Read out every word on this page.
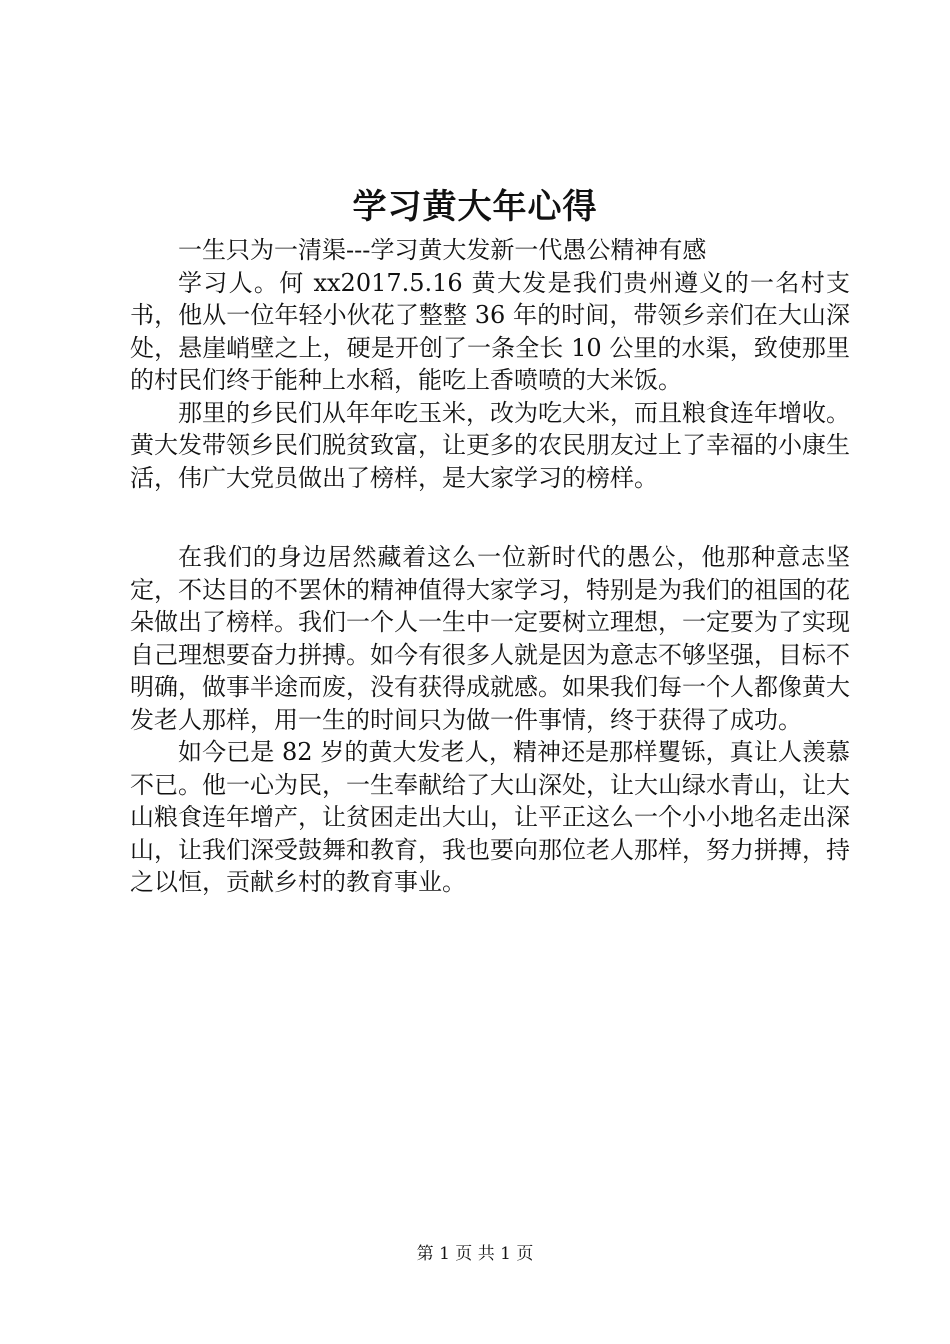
学习黄大年心得

一生只为一清渠---学习黄大发新一代愚公精神有感

学习人。何 xx2017.5.16 黄大发是我们贵州遵义的一名村支书，他从一位年轻小伙花了整整 36 年的时间，带领乡亲们在大山深处，悬崖峭壁之上，硬是开创了一条全长 10 公里的水渠，致使那里的村民们终于能种上水稻，能吃上香喷喷的大米饭。

那里的乡民们从年年吃玉米，改为吃大米，而且粮食连年增收。黄大发带领乡民们脱贫致富，让更多的农民朋友过上了幸福的小康生活，伟广大党员做出了榜样，是大家学习的榜样。

在我们的身边居然藏着这么一位新时代的愚公，他那种意志坚定，不达目的不罢休的精神值得大家学习，特别是为我们的祖国的花朵做出了榜样。我们一个人一生中一定要树立理想，一定要为了实现自己理想要奋力拼搏。如今有很多人就是因为意志不够坚强，目标不明确，做事半途而废，没有获得成就感。如果我们每一个人都像黄大发老人那样，用一生的时间只为做一件事情，终于获得了成功。

如今已是 82 岁的黄大发老人，精神还是那样矍铄，真让人羡慕不已。他一心为民，一生奉献给了大山深处，让大山绿水青山，让大山粮食连年增产，让贫困走出大山，让平正这么一个小小地名走出深山，让我们深受鼓舞和教育，我也要向那位老人那样，努力拼搏，持之以恒，贡献乡村的教育事业。

第 1 页 共 1 页
